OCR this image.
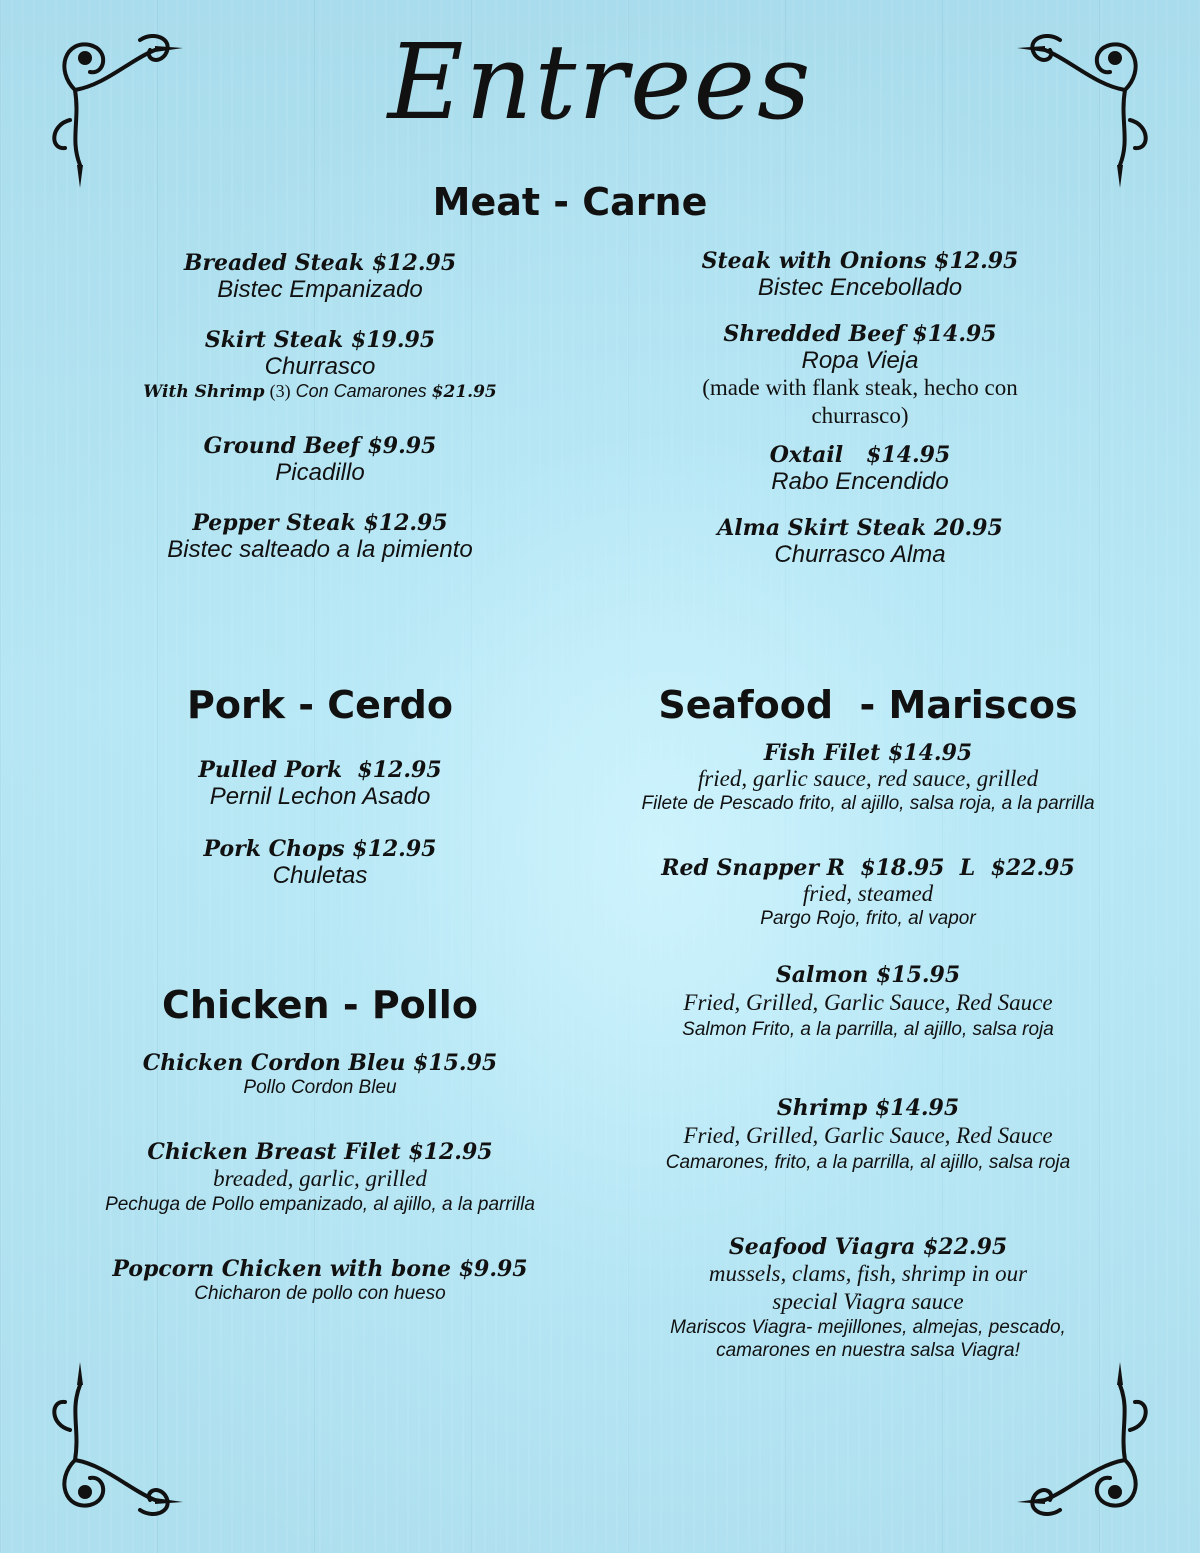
Entrees
Meat - Carne
Breaded Steak $12.95
Bistec Empanizado
Skirt Steak $19.95
Churrasco
With Shrimp (3) Con Camarones $21.95
Ground Beef $9.95
Picadillo
Pepper Steak $12.95
Bistec salteado a la pimiento
Steak with Onions $12.95
Bistec Encebollado
Shredded Beef $14.95
Ropa Vieja
(made with flank steak, hecho con churrasco)
Oxtail   $14.95
Rabo Encendido
Alma Skirt Steak 20.95
Churrasco Alma
Pork - Cerdo
Pulled Pork  $12.95
Pernil Lechon Asado
Pork Chops $12.95
Chuletas
Chicken - Pollo
Chicken Cordon Bleu $15.95
Pollo Cordon Bleu
Chicken Breast Filet $12.95
breaded, garlic, grilled
Pechuga de Pollo empanizado, al ajillo, a la parrilla
Popcorn Chicken with bone $9.95
Chicharon de pollo con hueso
Seafood  - Mariscos
Fish Filet $14.95
fried, garlic sauce, red sauce, grilled
Filete de Pescado frito, al ajillo, salsa roja, a la parrilla
Red Snapper R  $18.95  L  $22.95
fried, steamed
Pargo Rojo, frito, al vapor
Salmon $15.95
Fried, Grilled, Garlic Sauce, Red Sauce
Salmon Frito, a la parrilla, al ajillo, salsa roja
Shrimp $14.95
Fried, Grilled, Garlic Sauce, Red Sauce
Camarones, frito, a la parrilla, al ajillo, salsa roja
Seafood Viagra $22.95
mussels, clams, fish, shrimp in our special Viagra sauce
Mariscos Viagra- mejillones, almejas, pescado, camarones en nuestra salsa Viagra!
